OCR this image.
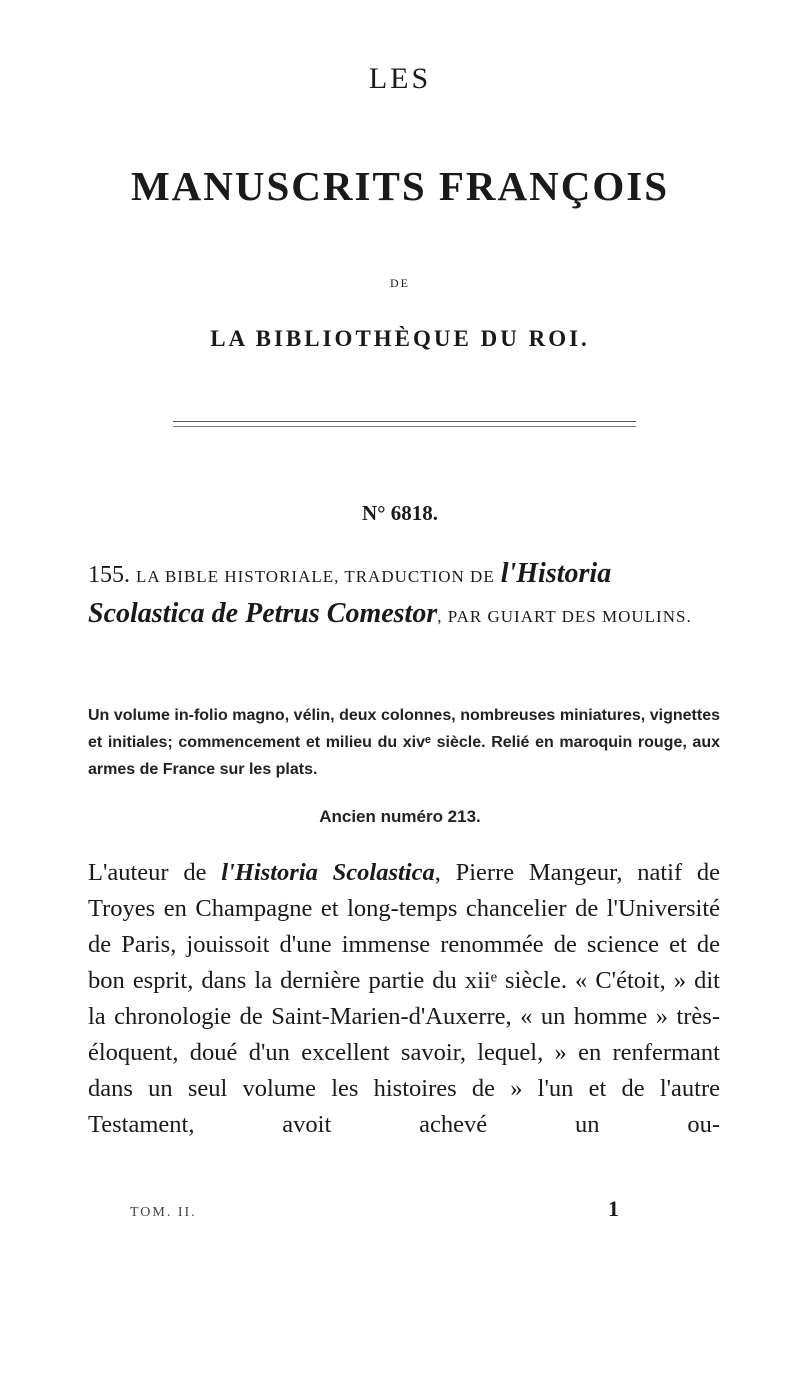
LES
MANUSCRITS FRANÇOIS
DE
LA BIBLIOTHÈQUE DU ROI.
N° 6818.
155. LA BIBLE HISTORIALE, TRADUCTION DE l'Historia Scolastica de Petrus Comestor, PAR GUIART DES MOULINS.
Un volume in-folio magno, vélin, deux colonnes, nombreuses miniatures, vignettes et initiales; commencement et milieu du xivᵉ siècle. Relié en maroquin rouge, aux armes de France sur les plats.
Ancien numéro 213.
L'auteur de l'Historia Scolastica, Pierre Mangeur, natif de Troyes en Champagne et long-temps chancelier de l'Université de Paris, jouissoit d'une immense renommée de science et de bon esprit, dans la dernière partie du xiiᵉ siècle. « C'étoit, » dit la chronologie de Saint-Marien-d'Auxerre, « un homme » très-éloquent, doué d'un excellent savoir, lequel, » en renfermant dans un seul volume les histoires de » l'un et de l'autre Testament, avoit achevé un ou-
TOM. II.	1
